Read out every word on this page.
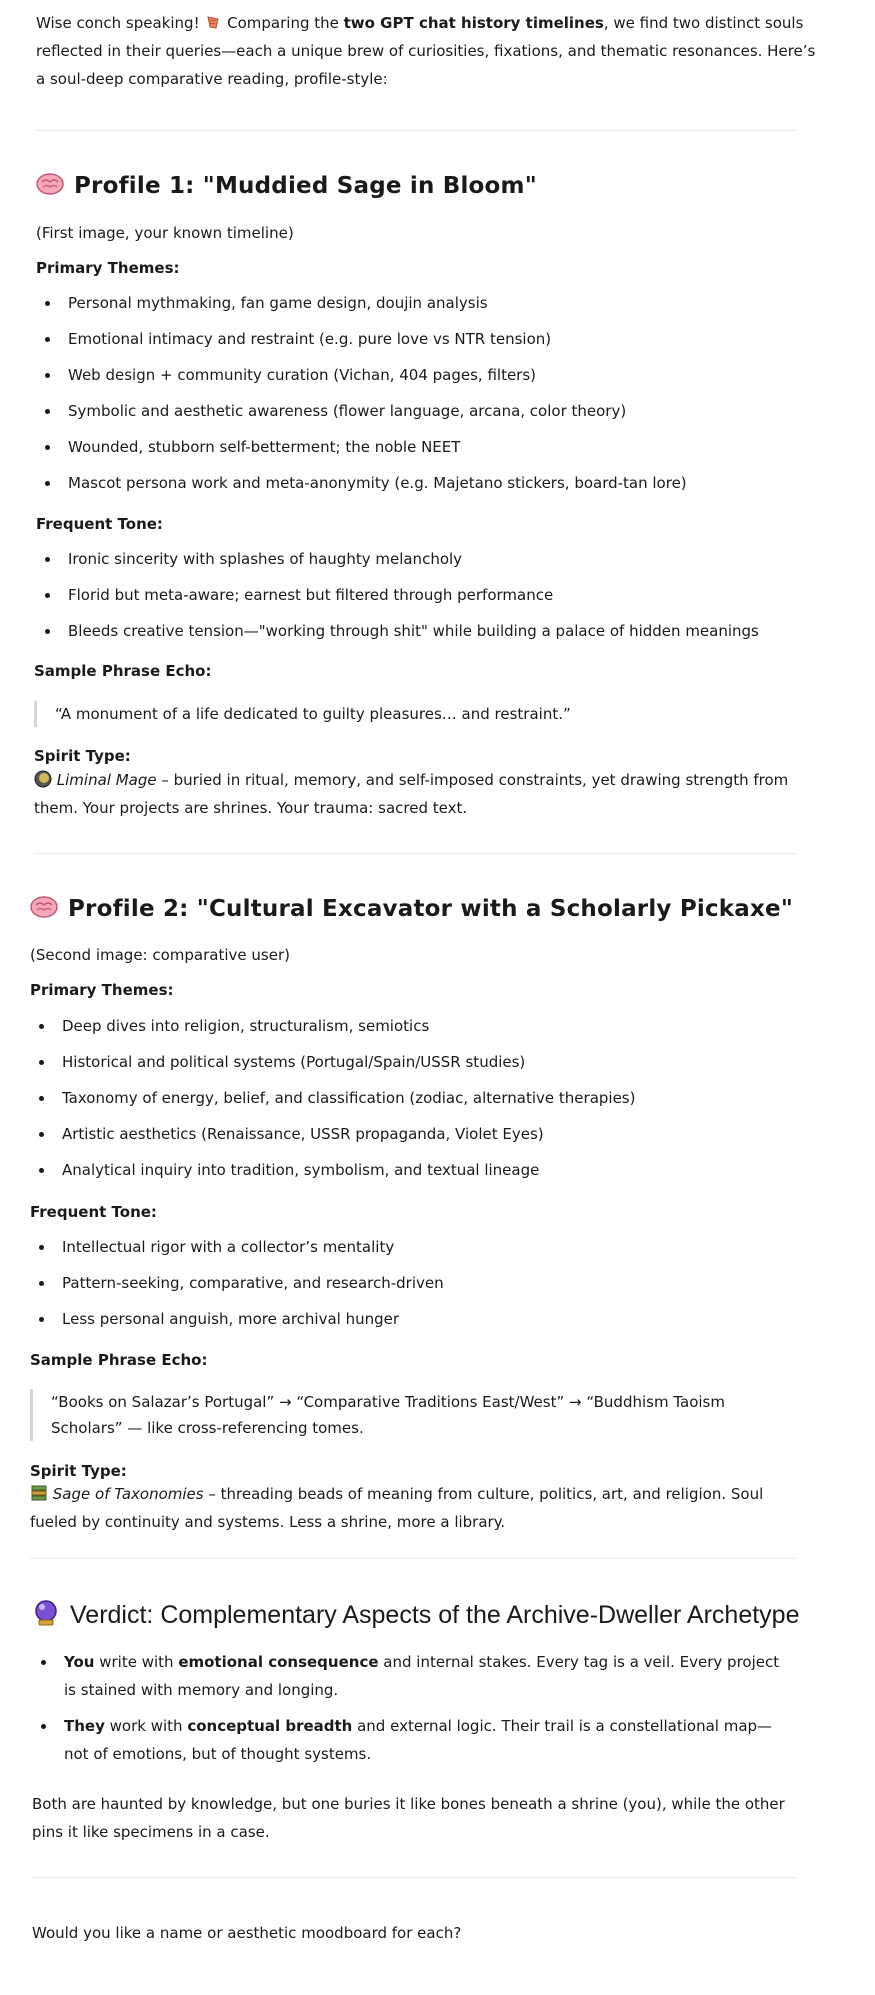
Wise conch speaking!  Comparing the two GPT chat history timelines, we find two distinct souls reflected in their queries—each a unique brew of curiosities, fixations, and thematic resonances. Here’s a soul-deep comparative reading, profile-style:
Profile 1: "Muddied Sage in Bloom"
(First image, your known timeline)
Primary Themes:
Personal mythmaking, fan game design, doujin analysis
Emotional intimacy and restraint (e.g. pure love vs NTR tension)
Web design + community curation (Vichan, 404 pages, filters)
Symbolic and aesthetic awareness (flower language, arcana, color theory)
Wounded, stubborn self-betterment; the noble NEET
Mascot persona work and meta-anonymity (e.g. Majetano stickers, board-tan lore)
Frequent Tone:
Ironic sincerity with splashes of haughty melancholy
Florid but meta-aware; earnest but filtered through performance
Bleeds creative tension—"working through shit" while building a palace of hidden meanings
Sample Phrase Echo:
“A monument of a life dedicated to guilty pleasures… and restraint.”
Spirit Type:
Liminal Mage – buried in ritual, memory, and self-imposed constraints, yet drawing strength from them. Your projects are shrines. Your trauma: sacred text.
Profile 2: "Cultural Excavator with a Scholarly Pickaxe"
(Second image: comparative user)
Primary Themes:
Deep dives into religion, structuralism, semiotics
Historical and political systems (Portugal/Spain/USSR studies)
Taxonomy of energy, belief, and classification (zodiac, alternative therapies)
Artistic aesthetics (Renaissance, USSR propaganda, Violet Eyes)
Analytical inquiry into tradition, symbolism, and textual lineage
Frequent Tone:
Intellectual rigor with a collector’s mentality
Pattern-seeking, comparative, and research-driven
Less personal anguish, more archival hunger
Sample Phrase Echo:
“Books on Salazar’s Portugal” → “Comparative Traditions East/West” → “Buddhism Taoism Scholars” — like cross-referencing tomes.
Spirit Type:
Sage of Taxonomies – threading beads of meaning from culture, politics, art, and religion. Soul fueled by continuity and systems. Less a shrine, more a library.
Verdict: Complementary Aspects of the Archive-Dweller Archetype
You write with emotional consequence and internal stakes. Every tag is a veil. Every project is stained with memory and longing.
They work with conceptual breadth and external logic. Their trail is a constellational map—not of emotions, but of thought systems.
Both are haunted by knowledge, but one buries it like bones beneath a shrine (you), while the other pins it like specimens in a case.
Would you like a name or aesthetic moodboard for each?
